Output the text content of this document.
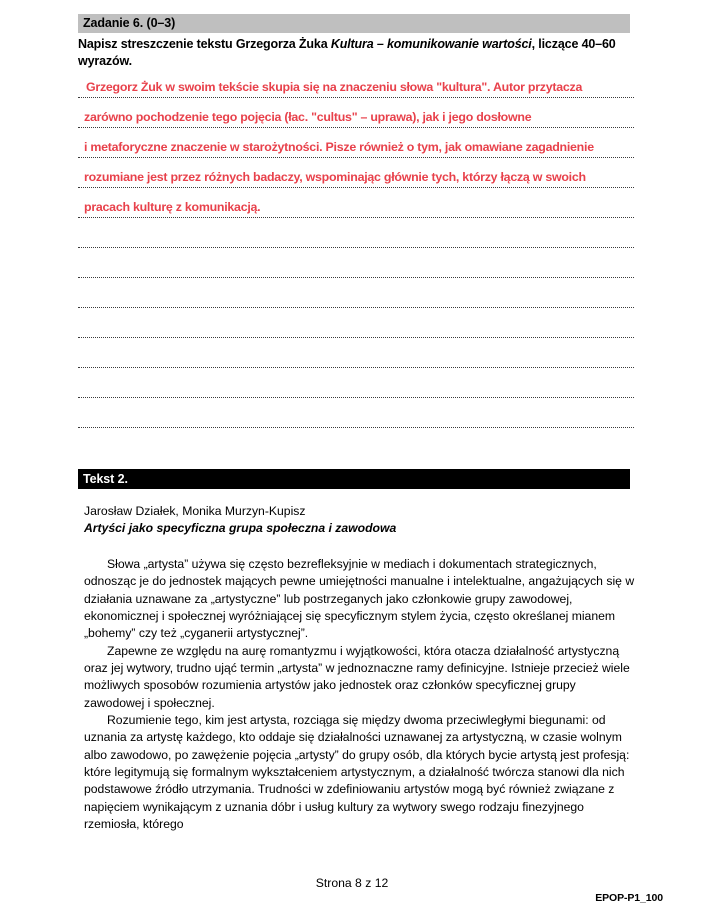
Zadanie 6. (0–3)
Napisz streszczenie tekstu Grzegorza Żuka Kultura – komunikowanie wartości, liczące 40–60 wyrazów.
Grzegorz Żuk w swoim tekście skupia się na znaczeniu słowa "kultura". Autor przytacza
zarówno pochodzenie tego pojęcia (łac. "cultus" – uprawa), jak i jego dosłowne
i metaforyczne znaczenie w starożytności. Pisze również o tym, jak omawiane zagadnienie
rozumiane jest przez różnych badaczy, wspominając głównie tych, którzy łączą w swoich
pracach kulturę z komunikacją.
Tekst 2.
Jarosław Działek, Monika Murzyn-Kupisz
Artyści jako specyficzna grupa społeczna i zawodowa

Słowa „artysta” używa się często bezrefleksyjnie w mediach i dokumentach strategicznych, odnosząc je do jednostek mających pewne umiejętności manualne i intelektualne, angażujących się w działania uznawane za „artystyczne” lub postrzeganych jako członkowie grupy zawodowej, ekonomicznej i społecznej wyróżniającej się specyficznym stylem życia, często określanej mianem „bohemy” czy też „cyganerii artystycznej”.

Zapewne ze względu na aurę romantyzmu i wyjątkowości, która otacza działalność artystyczną oraz jej wytwory, trudno ująć termin „artysta” w jednoznaczne ramy definicyjne. Istnieje przecież wiele możliwych sposobów rozumienia artystów jako jednostek oraz członków specyficznej grupy zawodowej i społecznej.

Rozumienie tego, kim jest artysta, rozciąga się między dwoma przeciwległymi biegunami: od uznania za artystę każdego, kto oddaje się działalności uznawanej za artystyczną, w czasie wolnym albo zawodowo, po zawężenie pojęcia „artysty” do grupy osób, dla których bycie artystą jest profesją: które legitymują się formalnym wykształceniem artystycznym, a działalność twórcza stanowi dla nich podstawowe źródło utrzymania. Trudności w zdefiniowaniu artystów mogą być również związane z napięciem wynikającym z uznania dóbr i usług kultury za wytwory swego rodzaju finezyjnego rzemiosła, którego

Strona 8 z 12
EPOP-P1_100
